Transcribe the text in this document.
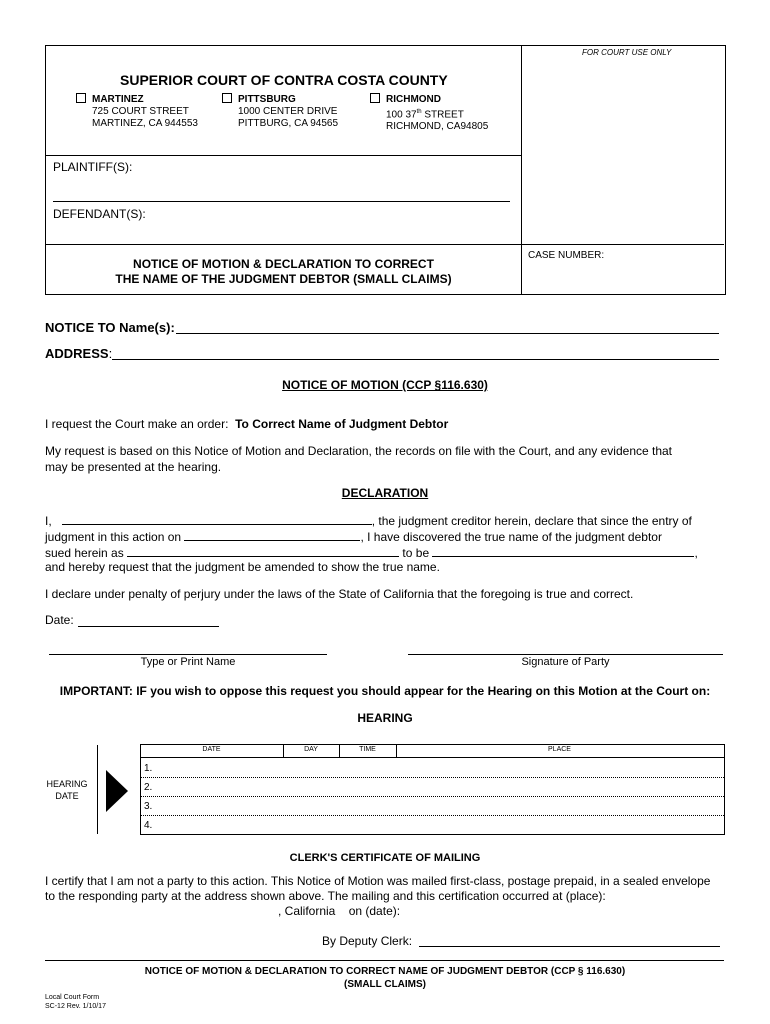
FOR COURT USE ONLY
SUPERIOR COURT OF CONTRA COSTA COUNTY
MARTINEZ
725 COURT STREET
MARTINEZ, CA 944553
PITTSBURG
1000 CENTER DRIVE
PITTBURG, CA 94565
RICHMOND
100 37th STREET
RICHMOND, CA94805
PLAINTIFF(S):
DEFENDANT(S):
NOTICE OF MOTION & DECLARATION TO CORRECT
THE NAME OF THE JUDGMENT DEBTOR (SMALL CLAIMS)
CASE NUMBER:
NOTICE TO Name(s):
ADDRESS:
NOTICE OF MOTION (CCP §116.630)
I request the Court make an order: To Correct Name of Judgment Debtor
My request is based on this Notice of Motion and Declaration, the records on file with the Court, and any evidence that
may be presented at the hearing.
DECLARATION
I,	, the judgment creditor herein, declare that since the entry of
judgment in this action on	, I have discovered the true name of the judgment debtor
sued herein as	to be	,
and hereby request that the judgment be amended to show the true name.
I declare under penalty of perjury under the laws of the State of California that the foregoing is true and correct.
Date:
Type or Print Name	Signature of Party
IMPORTANT: IF you wish to oppose this request you should appear for the Hearing on this Motion at the Court on:
HEARING
HEARING
DATE
DATE	DAY	TIME	PLACE
1.
2.
3.
4.
CLERK'S CERTIFICATE OF MAILING
I certify that I am not a party to this action. This Notice of Motion was mailed first-class, postage prepaid, in a sealed envelope
to the responding party at the address shown above. The mailing and this certification occurred at (place):
, California on (date):
By Deputy Clerk:
NOTICE OF MOTION & DECLARATION TO CORRECT NAME OF JUDGMENT DEBTOR (CCP § 116.630)
(SMALL CLAIMS)
Local Court Form
SC-12 Rev. 1/10/17
